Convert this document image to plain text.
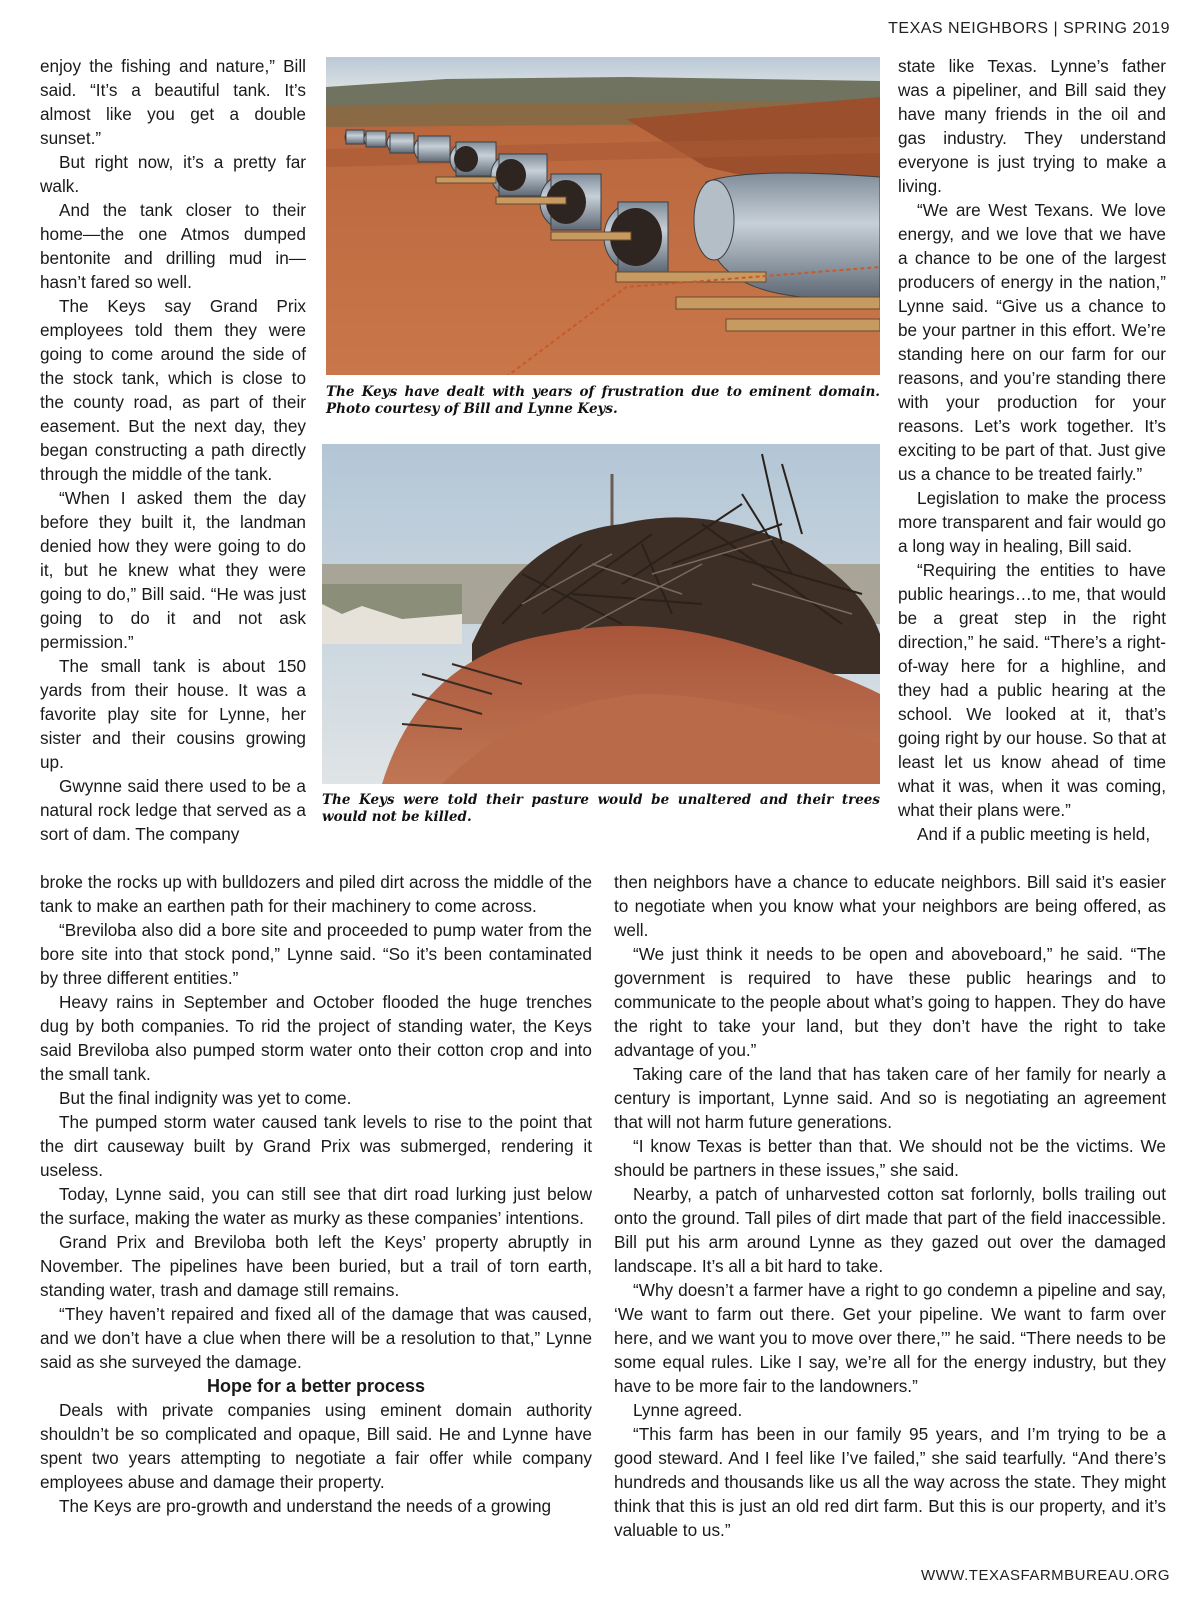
TEXAS NEIGHBORS | SPRING 2019

enjoy the fishing and nature,” Bill said. “It’s a beautiful tank. It’s almost like you get a double sunset.”

But right now, it’s a pretty far walk.

And the tank closer to their home—the one Atmos dumped bentonite and drilling mud in—hasn’t fared so well.

The Keys say Grand Prix employees told them they were going to come around the side of the stock tank, which is close to the county road, as part of their easement. But the next day, they began constructing a path directly through the middle of the tank.

“When I asked them the day before they built it, the landman denied how they were going to do it, but he knew what they were going to do,” Bill said. “He was just going to do it and not ask permission.”

The small tank is about 150 yards from their house. It was a favorite play site for Lynne, her sister and their cousins growing up.

Gwynne said there used to be a natural rock ledge that served as a sort of dam. The company

The Keys have dealt with years of frustration due to eminent domain. Photo courtesy of Bill and Lynne Keys.
The Keys were told their pasture would be unaltered and their trees would not be killed.

state like Texas. Lynne’s father was a pipeliner, and Bill said they have many friends in the oil and gas industry. They understand everyone is just trying to make a living.

“We are West Texans. We love energy, and we love that we have a chance to be one of the largest producers of energy in the nation,” Lynne said. “Give us a chance to be your partner in this effort. We’re standing here on our farm for our reasons, and you’re standing there with your production for your reasons. Let’s work together. It’s exciting to be part of that. Just give us a chance to be treated fairly.”

Legislation to make the process more transparent and fair would go a long way in healing, Bill said.

“Requiring the entities to have public hearings…to me, that would be a great step in the right direction,” he said. “There’s a right-of-way here for a highline, and they had a public hearing at the school. We looked at it, that’s going right by our house. So that at least let us know ahead of time what it was, when it was coming, what their plans were.”

And if a public meeting is held,

broke the rocks up with bulldozers and piled dirt across the middle of the tank to make an earthen path for their machinery to come across.

“Breviloba also did a bore site and proceeded to pump water from the bore site into that stock pond,” Lynne said. “So it’s been contaminated by three different entities.”

Heavy rains in September and October flooded the huge trenches dug by both companies. To rid the project of standing water, the Keys said Breviloba also pumped storm water onto their cotton crop and into the small tank.

But the final indignity was yet to come.

The pumped storm water caused tank levels to rise to the point that the dirt causeway built by Grand Prix was submerged, rendering it useless.

Today, Lynne said, you can still see that dirt road lurking just below the surface, making the water as murky as these companies’ intentions.

Grand Prix and Breviloba both left the Keys’ property abruptly in November. The pipelines have been buried, but a trail of torn earth, standing water, trash and damage still remains.

“They haven’t repaired and fixed all of the damage that was caused, and we don’t have a clue when there will be a resolution to that,” Lynne said as she surveyed the damage.

Hope for a better process

Deals with private companies using eminent domain authority shouldn’t be so complicated and opaque, Bill said. He and Lynne have spent two years attempting to negotiate a fair offer while company employees abuse and damage their property.

The Keys are pro-growth and understand the needs of a growing

then neighbors have a chance to educate neighbors. Bill said it’s easier to negotiate when you know what your neighbors are being offered, as well.

“We just think it needs to be open and aboveboard,” he said. “The government is required to have these public hearings and to communicate to the people about what’s going to happen. They do have the right to take your land, but they don’t have the right to take advantage of you.”

Taking care of the land that has taken care of her family for nearly a century is important, Lynne said. And so is negotiating an agreement that will not harm future generations.

“I know Texas is better than that. We should not be the victims. We should be partners in these issues,” she said.

Nearby, a patch of unharvested cotton sat forlornly, bolls trailing out onto the ground. Tall piles of dirt made that part of the field inaccessible. Bill put his arm around Lynne as they gazed out over the damaged landscape. It’s all a bit hard to take.

“Why doesn’t a farmer have a right to go condemn a pipeline and say, ‘We want to farm out there. Get your pipeline. We want to farm over here, and we want you to move over there,’” he said. “There needs to be some equal rules. Like I say, we’re all for the energy industry, but they have to be more fair to the landowners.”

Lynne agreed.

“This farm has been in our family 95 years, and I’m trying to be a good steward. And I feel like I’ve failed,” she said tearfully. “And there’s hundreds and thousands like us all the way across the state. They might think that this is just an old red dirt farm. But this is our property, and it’s valuable to us.”

WWW.TEXASFARMBUREAU.ORG
